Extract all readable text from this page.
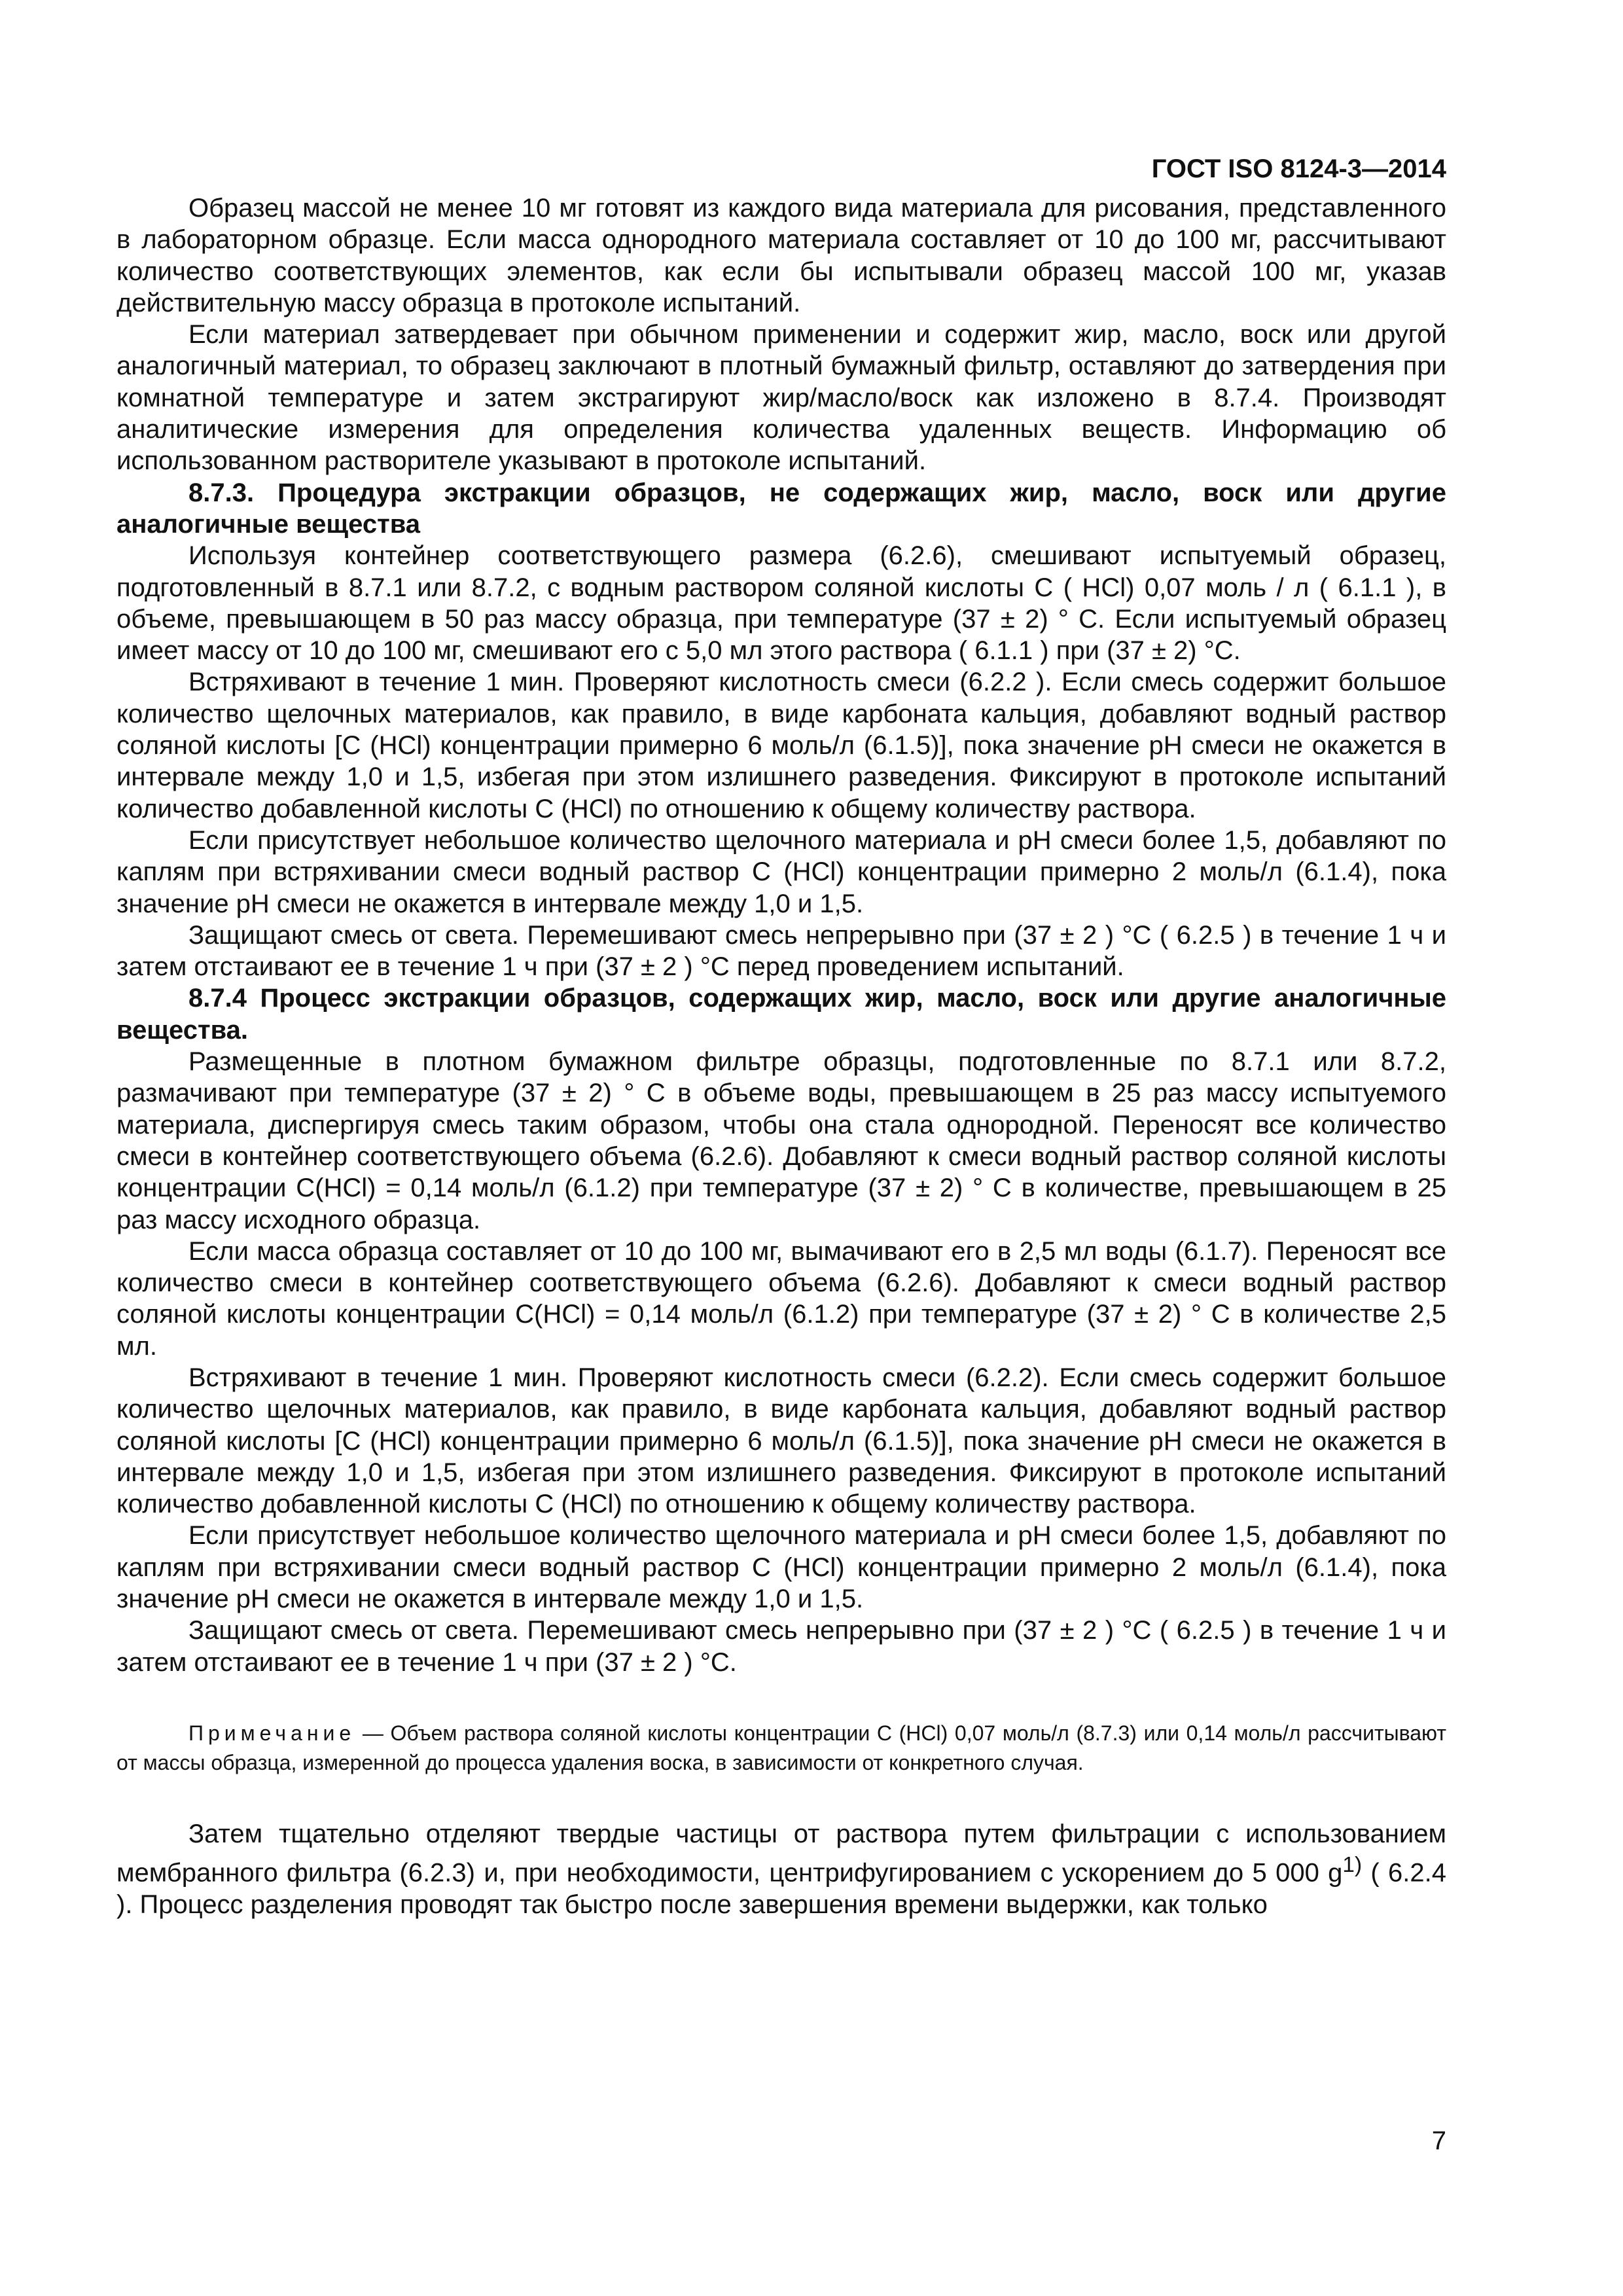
ГОСТ ISO 8124-3—2014

Образец массой не менее 10 мг готовят из каждого вида материала для рисования, представленного в лабораторном образце. Если масса однородного материала составляет от 10 до 100 мг, рассчитывают количество соответствующих элементов, как если бы испытывали образец массой 100 мг, указав действительную массу образца в протоколе испытаний.

Если материал затвердевает при обычном применении и содержит жир, масло, воск или другой аналогичный материал, то образец заключают в плотный бумажный фильтр, оставляют до затвердения при комнатной температуре и затем экстрагируют жир/масло/воск как изложено в 8.7.4. Производят аналитические измерения для определения количества удаленных веществ. Информацию об использованном растворителе указывают в протоколе испытаний.

8.7.3. Процедура экстракции образцов, не содержащих жир, масло, воск или другие аналогичные вещества

Используя контейнер соответствующего размера (6.2.6), смешивают испытуемый образец, подготовленный в 8.7.1 или 8.7.2, с водным раствором соляной кислоты C ( HCl) 0,07 моль / л ( 6.1.1 ), в объеме, превышающем в 50 раз массу образца, при температуре (37 ± 2) ° С. Если испытуемый образец имеет массу от 10 до 100 мг, смешивают его с 5,0 мл этого раствора ( 6.1.1 ) при (37 ± 2) °С.

Встряхивают в течение 1 мин. Проверяют кислотность смеси (6.2.2 ). Если смесь содержит большое количество щелочных материалов, как правило, в виде карбоната кальция, добавляют водный раствор соляной кислоты [C (HCl) концентрации примерно 6 моль/л (6.1.5)], пока значение pH смеси не окажется в интервале между 1,0 и 1,5, избегая при этом излишнего разведения. Фиксируют в протоколе испытаний количество добавленной кислоты C (HCl) по отношению к общему количеству раствора.

Если присутствует небольшое количество щелочного материала и pH смеси более 1,5, добавляют по каплям при встряхивании смеси водный раствор C (HCl) концентрации примерно 2 моль/л (6.1.4), пока значение pH смеси не окажется в интервале между 1,0 и 1,5.

Защищают смесь от света. Перемешивают смесь непрерывно при (37 ± 2 ) °С ( 6.2.5 ) в течение 1 ч и затем отстаивают ее в течение 1 ч при (37 ± 2 ) °С перед проведением испытаний.

8.7.4 Процесс экстракции образцов, содержащих жир, масло, воск или другие аналогичные вещества.

Размещенные в плотном бумажном фильтре образцы, подготовленные по 8.7.1 или 8.7.2, размачивают при температуре (37 ± 2) ° С в объеме воды, превышающем в 25 раз массу испытуемого материала, диспергируя смесь таким образом, чтобы она стала однородной. Переносят все количество смеси в контейнер соответствующего объема (6.2.6). Добавляют к смеси водный раствор соляной кислоты концентрации C(HCl) = 0,14 моль/л (6.1.2) при температуре (37 ± 2) ° С в количестве, превышающем в 25 раз массу исходного образца.

Если масса образца составляет от 10 до 100 мг, вымачивают его в 2,5 мл воды (6.1.7). Переносят все количество смеси в контейнер соответствующего объема (6.2.6). Добавляют к смеси водный раствор соляной кислоты концентрации C(HCl) = 0,14 моль/л (6.1.2) при температуре (37 ± 2) ° С в количестве 2,5 мл.

Встряхивают в течение 1 мин. Проверяют кислотность смеси (6.2.2). Если смесь содержит большое количество щелочных материалов, как правило, в виде карбоната кальция, добавляют водный раствор соляной кислоты [C (HCl) концентрации примерно 6 моль/л (6.1.5)], пока значение pH смеси не окажется в интервале между 1,0 и 1,5, избегая при этом излишнего разведения. Фиксируют в протоколе испытаний количество добавленной кислоты C (HCl) по отношению к общему количеству раствора.

Если присутствует небольшое количество щелочного материала и pH смеси более 1,5, добавляют по каплям при встряхивании смеси водный раствор C (HCl) концентрации примерно 2 моль/л (6.1.4), пока значение pH смеси не окажется в интервале между 1,0 и 1,5.

Защищают смесь от света. Перемешивают смесь непрерывно при (37 ± 2 ) °С ( 6.2.5 ) в течение 1 ч и затем отстаивают ее в течение 1 ч при (37 ± 2 ) °С.

Примечание — Объем раствора соляной кислоты концентрации C (HCl) 0,07 моль/л (8.7.3) или 0,14 моль/л рассчитывают от массы образца, измеренной до процесса удаления воска, в зависимости от конкретного случая.

Затем тщательно отделяют твердые частицы от раствора путем фильтрации с использованием мембранного фильтра (6.2.3) и, при необходимости, центрифугированием с ускорением до 5 000 $g^{1)}$ ( 6.2.4 ). Процесс разделения проводят так быстро после завершения времени выдержки, как только

7
